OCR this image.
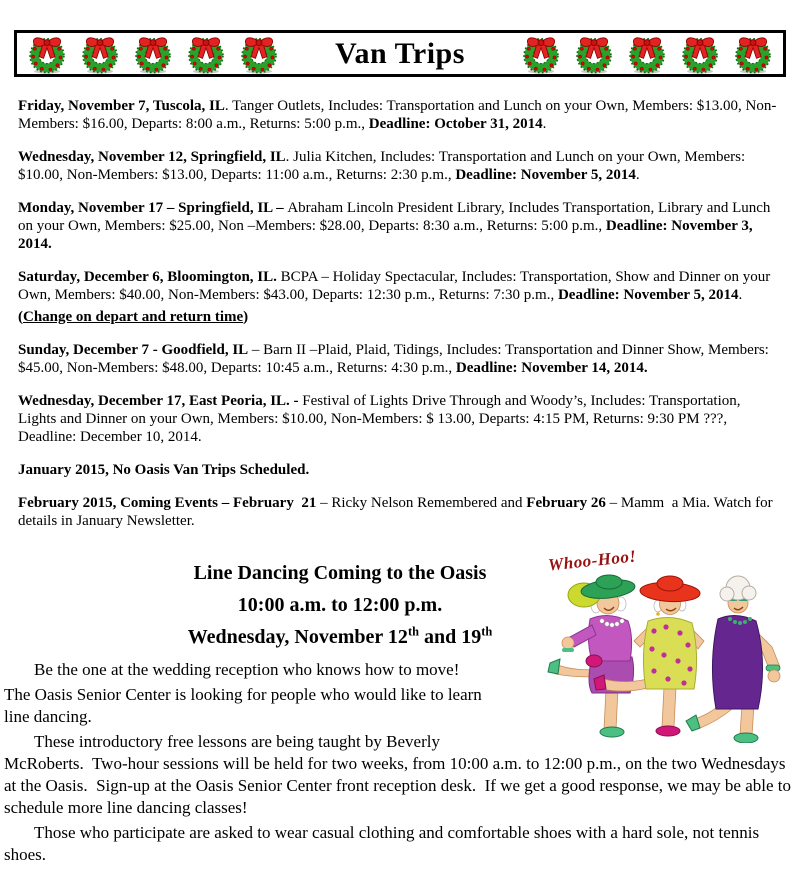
Van Trips

Friday, November 7, Tuscola, IL. Tanger Outlets, Includes: Transportation and Lunch on your Own, Members: $13.00, Non-Members: $16.00, Departs: 8:00 a.m., Returns: 5:00 p.m., Deadline: October 31, 2014.

Wednesday, November 12, Springfield, IL. Julia Kitchen, Includes: Transportation and Lunch on your Own, Members: $10.00, Non-Members: $13.00, Departs: 11:00 a.m., Returns: 2:30 p.m., Deadline: November 5, 2014.

Monday, November 17 – Springfield, IL – Abraham Lincoln President Library, Includes Transportation, Library and Lunch on your Own, Members: $25.00, Non –Members: $28.00, Departs: 8:30 a.m., Returns: 5:00 p.m., Deadline: November 3, 2014.

Saturday, December 6, Bloomington, IL. BCPA – Holiday Spectacular, Includes: Transportation, Show and Dinner on your Own, Members: $40.00, Non-Members: $43.00, Departs: 12:30 p.m., Returns: 7:30 p.m., Deadline: November 5, 2014.

(Change on depart and return time)

Sunday, December 7 - Goodfield, IL – Barn II –Plaid, Plaid, Tidings, Includes: Transportation and Dinner Show, Members: $45.00, Non-Members: $48.00, Departs: 10:45 a.m., Returns: 4:30 p.m., Deadline: November 14, 2014.

Wednesday, December 17, East Peoria, IL. - Festival of Lights Drive Through and Woody’s, Includes: Transportation, Lights and Dinner on your Own, Members: $10.00, Non-Members: $ 13.00, Departs: 4:15 PM, Returns: 9:30 PM ???, Deadline: December 10, 2014.

January 2015, No Oasis Van Trips Scheduled.

February 2015, Coming Events – February  21 – Ricky Nelson Remembered and February 26 – Mamm  a Mia. Watch for details in January Newsletter.

Whoo-Hoo!
Line Dancing Coming to the Oasis
10:00 a.m. to 12:00 p.m.
Wednesday, November 12th and 19th

Be the one at the wedding reception who knows how to move!

The Oasis Senior Center is looking for people who would like to learn
line dancing.

These introductory free lessons are being taught by Beverly
McRoberts.  Two-hour sessions will be held for two weeks, from 10:00 a.m. to 12:00 p.m., on the two Wednesdays at the Oasis.  Sign-up at the Oasis Senior Center front reception desk.  If we get a good response, we may be able to schedule more line dancing classes!

Those who participate are asked to wear casual clothing and comfortable shoes with a hard sole, not tennis shoes.
